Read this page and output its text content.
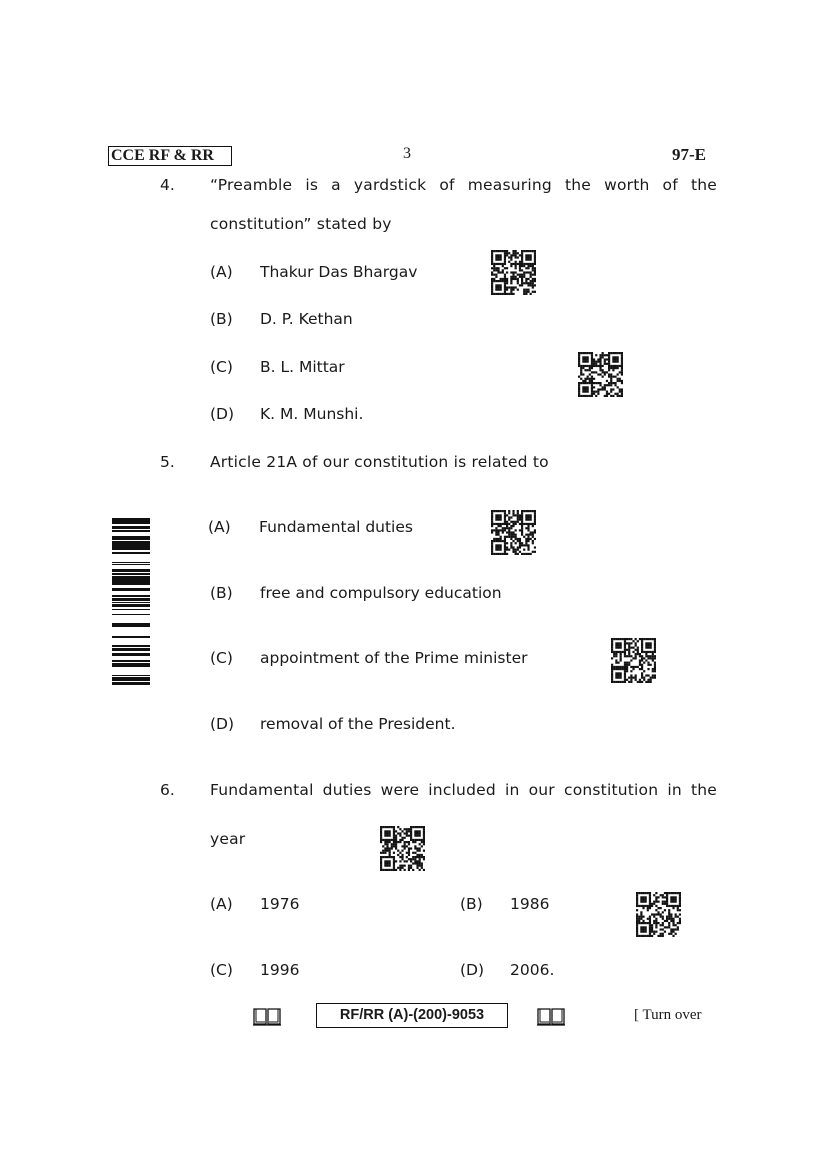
CCE RF & RR	3	97-E
4. “Preamble is a yardstick of measuring the worth of the
constitution” stated by
(A) Thakur Das Bhargav
(B) D. P. Kethan
(C) B. L. Mittar
(D) K. M. Munshi.
5. Article 21A of our constitution is related to
(A) Fundamental duties
(B) free and compulsory education
(C) appointment of the Prime minister
(D) removal of the President.
6. Fundamental duties were included in our constitution in the
year
(A) 1976	(B) 1986
(C) 1996	(D) 2006.
RF/RR (A)-(200)-9053	[ Turn over
